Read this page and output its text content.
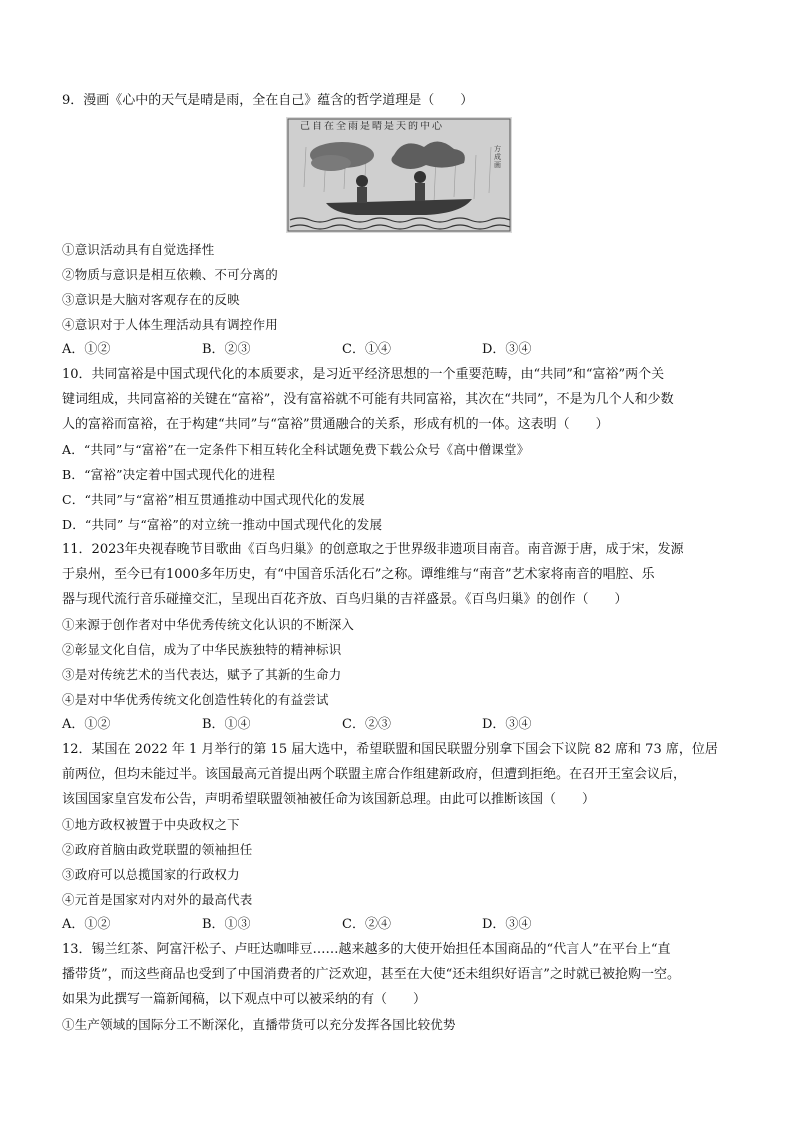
9．漫画《心中的天气是晴是雨，全在自己》蕴含的哲学道理是（　　）

己自在全雨是晴是天的中心
方成画

①意识活动具有自觉选择性

②物质与意识是相互依赖、不可分离的

③意识是大脑对客观存在的反映

④意识对于人体生理活动具有调控作用

A．①②	B．②③	C．①④	D．③④

10．共同富裕是中国式现代化的本质要求，是习近平经济思想的一个重要范畴，由“共同”和“富裕”两个关

键词组成，共同富裕的关键在“富裕”，没有富裕就不可能有共同富裕，其次在“共同”，不是为几个人和少数

人的富裕而富裕，在于构建“共同”与“富裕”贯通融合的关系，形成有机的一体。这表明（　　）

A．“共同”与“富裕”在一定条件下相互转化全科试题免费下载公众号《高中僧课堂》

B．“富裕”决定着中国式现代化的进程

C．“共同”与“富裕”相互贯通推动中国式现代化的发展

D．“共同” 与“富裕”的对立统一推动中国式现代化的发展

11．2023年央视春晚节目歌曲《百鸟归巢》的创意取之于世界级非遗项目南音。南音源于唐，成于宋，发源

于泉州，至今已有1000多年历史，有“中国音乐活化石”之称。谭维维与“南音”艺术家将南音的唱腔、乐

器与现代流行音乐碰撞交汇，呈现出百花齐放、百鸟归巢的吉祥盛景。《百鸟归巢》的创作（　　）

①来源于创作者对中华优秀传统文化认识的不断深入

②彰显文化自信，成为了中华民族独特的精神标识

③是对传统艺术的当代表达，赋予了其新的生命力

④是对中华优秀传统文化创造性转化的有益尝试

A．①②	B．①④	C．②③	D．③④

12．某国在 2022 年 1 月举行的第 15 届大选中，希望联盟和国民联盟分别拿下国会下议院 82 席和 73 席，位居

前两位，但均未能过半。该国最高元首提出两个联盟主席合作组建新政府，但遭到拒绝。在召开王室会议后，

该国国家皇宫发布公告，声明希望联盟领袖被任命为该国新总理。由此可以推断该国（　　）

①地方政权被置于中央政权之下

②政府首脑由政党联盟的领袖担任

③政府可以总揽国家的行政权力

④元首是国家对内对外的最高代表

A．①②	B．①③	C．②④	D．③④

13．锡兰红茶、阿富汗松子、卢旺达咖啡豆……越来越多的大使开始担任本国商品的“代言人”在平台上“直

播带货”，而这些商品也受到了中国消费者的广泛欢迎，甚至在大使“还未组织好语言”之时就已被抢购一空。

如果为此撰写一篇新闻稿，以下观点中可以被采纳的有（　　）

①生产领域的国际分工不断深化，直播带货可以充分发挥各国比较优势
